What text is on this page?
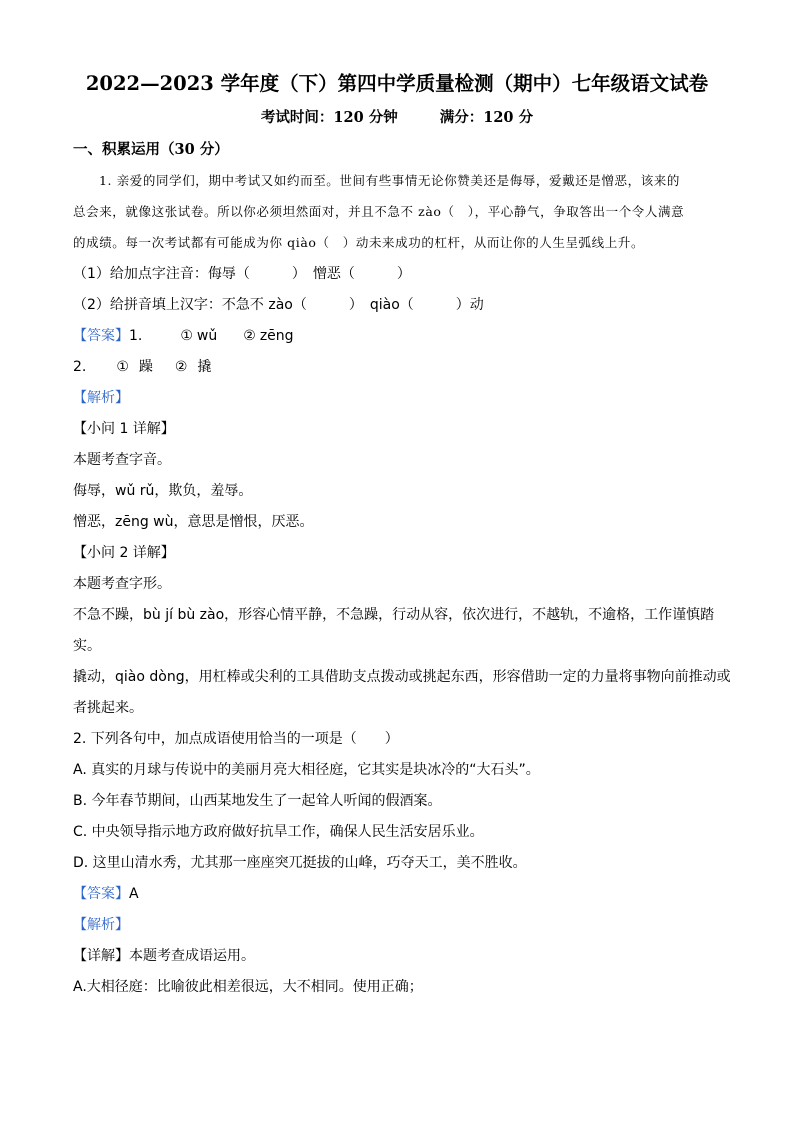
2022—2023 学年度（下）第四中学质量检测（期中）七年级语文试卷
考试时间：120 分钟	满分：120 分
一、积累运用（30 分）
1. 亲爱的同学们，期中考试又如约而至。世间有些事情无论你赞美还是侮辱，爱戴还是憎恶，该来的
总会来，就像这张试卷。所以你必须坦然面对，并且不急不 zào（　），平心静气，争取答出一个令人满意
的成绩。每一次考试都有可能成为你 qiào（　）动未来成功的杠杆，从而让你的人生呈弧线上升。
（1）给加点字注音：侮辱（　　　）　憎恶（　　　）
（2）给拼音填上汉字：不急不 zào（　　　）　qiào（　　　）动
【答案】1.	① wǔ ② zēng
2. ① 躁 ② 撬
【解析】
【小问 1 详解】
本题考查字音。
侮辱，wǔ rǔ，欺负，羞辱。
憎恶，zēng wù，意思是憎恨，厌恶。
【小问 2 详解】
本题考查字形。
不急不躁，bù jí bù zào，形容心情平静，不急躁，行动从容，依次进行，不越轨，不逾格，工作谨慎踏
实。
撬动，qiào dòng，用杠棒或尖利的工具借助支点拨动或挑起东西，形容借助一定的力量将事物向前推动或
者挑起来。
2. 下列各句中，加点成语使用恰当的一项是（　　）
A. 真实的月球与传说中的美丽月亮大相径庭，它其实是块冰冷的“大石头”。
B. 今年春节期间，山西某地发生了一起耸人听闻的假酒案。
C. 中央领导指示地方政府做好抗旱工作，确保人民生活安居乐业。
D. 这里山清水秀，尤其那一座座突兀挺拔的山峰，巧夺天工，美不胜收。
【答案】A
【解析】
【详解】本题考查成语运用。
A.大相径庭：比喻彼此相差很远，大不相同。使用正确；
